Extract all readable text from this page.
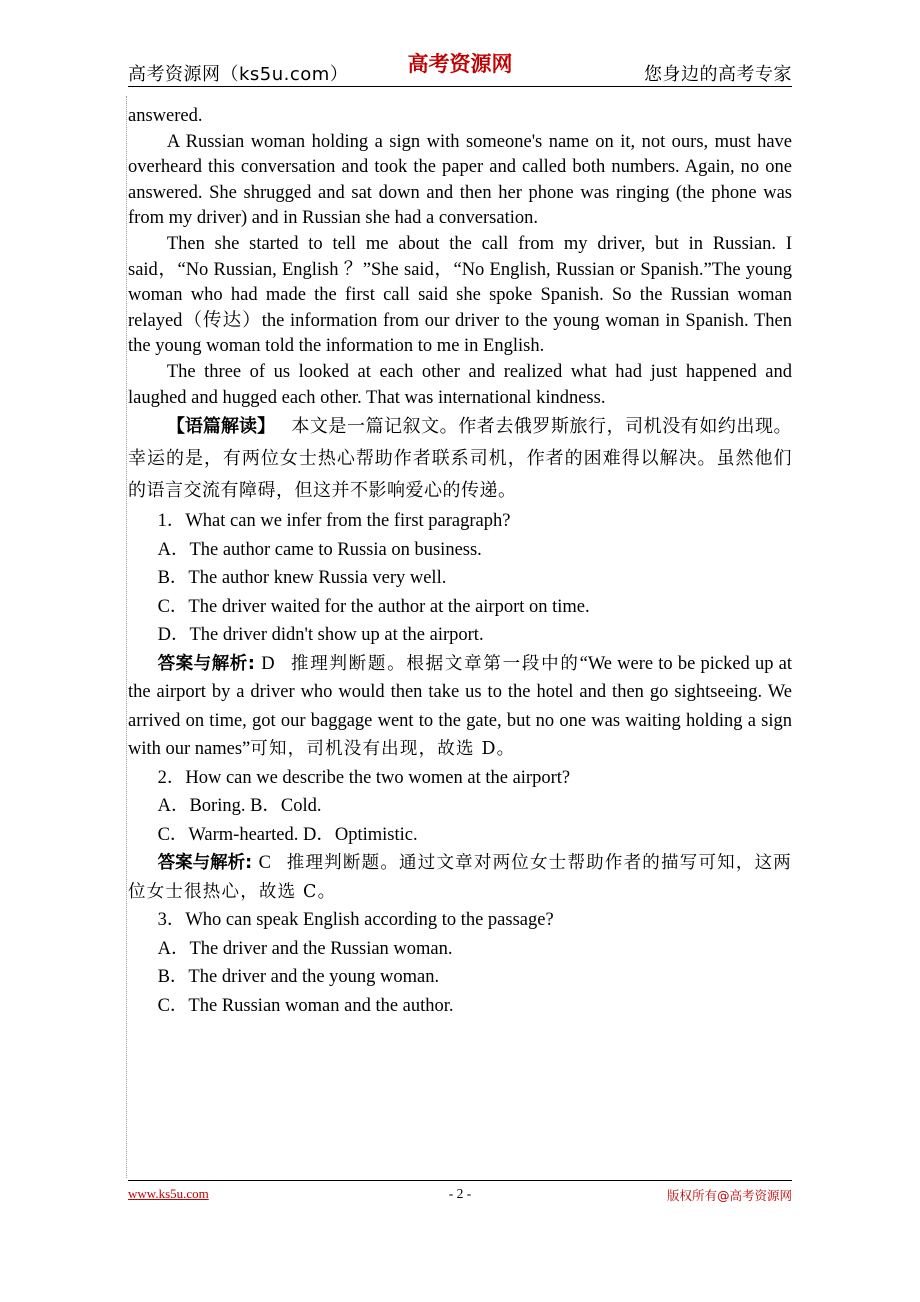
高考资源网（ks5u.com）	高考资源网	您身边的高考专家

answered.

A Russian woman holding a sign with someone's name on it, not ours, must have overheard this conversation and took the paper and called both numbers. Again, no one answered. She shrugged and sat down and then her phone was ringing (the phone was from my driver) and in Russian she had a conversation.

Then she started to tell me about the call from my driver, but in Russian. I said，“No Russian, English ？”She said，“No English, Russian or Spanish.”The young woman who had made the first call said she spoke Spanish. So the Russian woman relayed（传达）the information from our driver to the young woman in Spanish. Then the young woman told the information to me in English.

The three of us looked at each other and realized what had just happened and laughed and hugged each other. That was international kindness.

【语篇解读】 本文是一篇记叙文。作者去俄罗斯旅行，司机没有如约出现。幸运的是，有两位女士热心帮助作者联系司机，作者的困难得以解决。虽然他们的语言交流有障碍，但这并不影响爱心的传递。

1．What can we infer from the first paragraph?

A．The author came to Russia on business.

B．The author knew Russia very well.

C．The driver waited for the author at the airport on time.

D．The driver didn't show up at the airport.

答案与解析: D 推理判断题。根据文章第一段中的“We were to be picked up at the airport by a driver who would then take us to the hotel and then go sightseeing. We arrived on time, got our baggage went to the gate, but no one was waiting holding a sign with our names”可知，司机没有出现，故选 D。

2．How can we describe the two women at the airport?

A．Boring. B．Cold.

C．Warm-hearted. D．Optimistic.

答案与解析: C 推理判断题。通过文章对两位女士帮助作者的描写可知，这两位女士很热心，故选 C。

3．Who can speak English according to the passage?

A．The driver and the Russian woman.

B．The driver and the young woman.

C．The Russian woman and the author.

www.ks5u.com	- 2 -	版权所有@高考资源网
